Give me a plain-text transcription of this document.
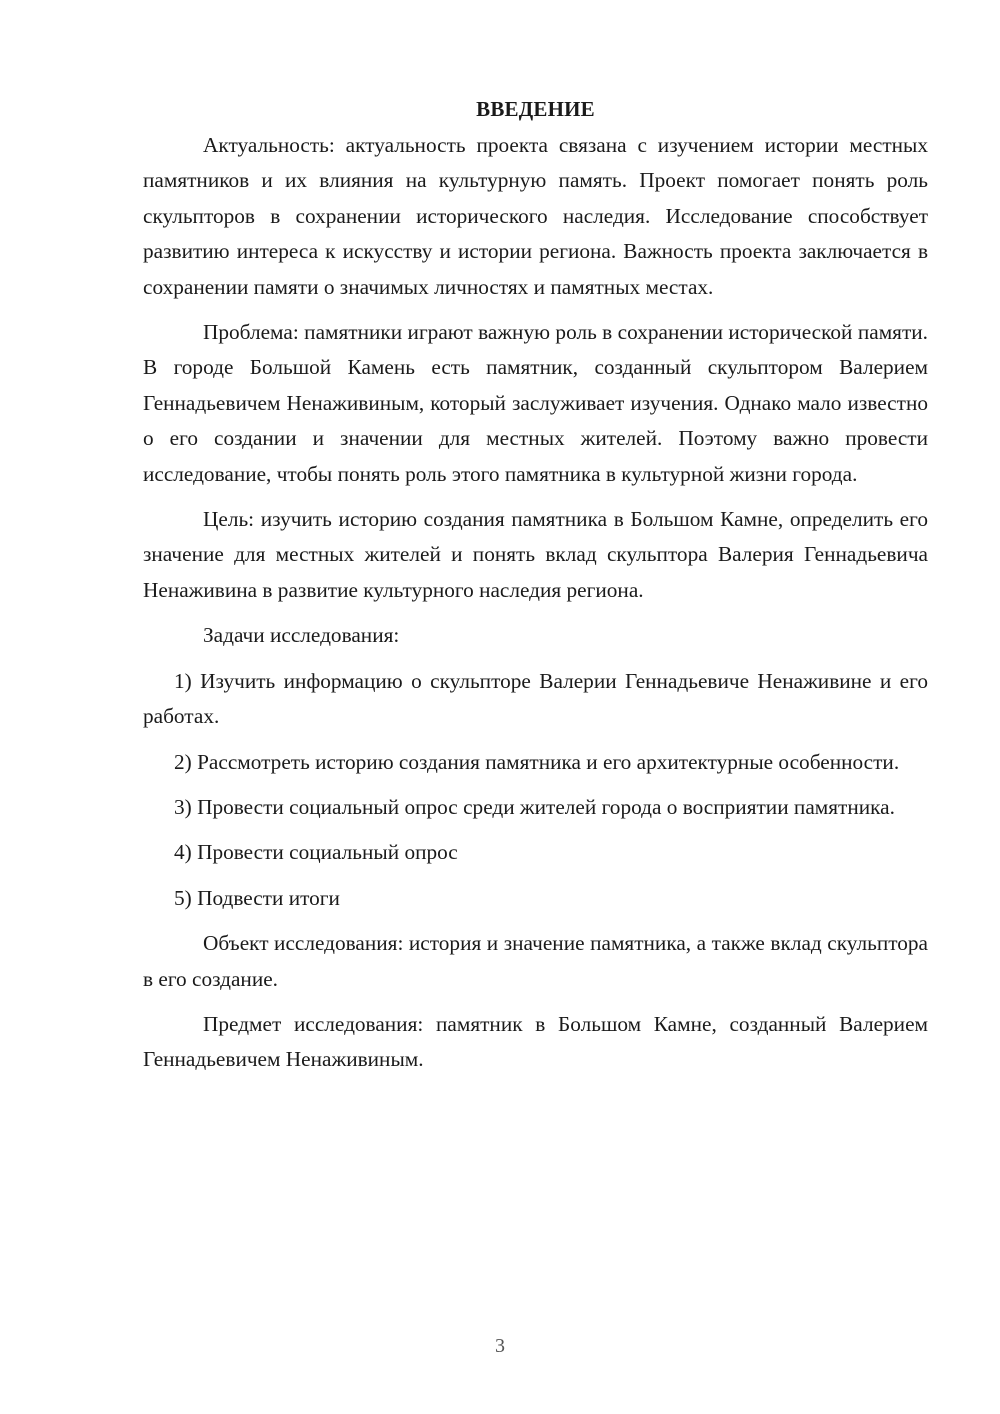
ВВЕДЕНИЕ

Актуальность: актуальность проекта связана с изучением истории местных памятников и их влияния на культурную память. Проект помогает понять роль скульпторов в сохранении исторического наследия. Исследование способствует развитию интереса к искусству и истории региона. Важность проекта заключается в сохранении памяти о значимых личностях и памятных местах.

Проблема: памятники играют важную роль в сохранении исторической памяти. В городе Большой Камень есть памятник, созданный скульптором Валерием Геннадьевичем Ненаживиным, который заслуживает изучения. Однако мало известно о его создании и значении для местных жителей. Поэтому важно провести исследование, чтобы понять роль этого памятника в культурной жизни города.

Цель: изучить историю создания памятника в Большом Камне, определить его значение для местных жителей и понять вклад скульптора Валерия Геннадьевича Ненаживина в развитие культурного наследия региона.

Задачи исследования:

1) Изучить информацию о скульпторе Валерии Геннадьевиче Ненаживине и его работах.

2) Рассмотреть историю создания памятника и его архитектурные особенности.

3) Провести социальный опрос среди жителей города о восприятии памятника.

4) Провести социальный опрос

5) Подвести итоги

Объект исследования: история и значение памятника, а также вклад скульптора в его создание.

Предмет исследования: памятник в Большом Камне, созданный Валерием Геннадьевичем Ненаживиным.

3
